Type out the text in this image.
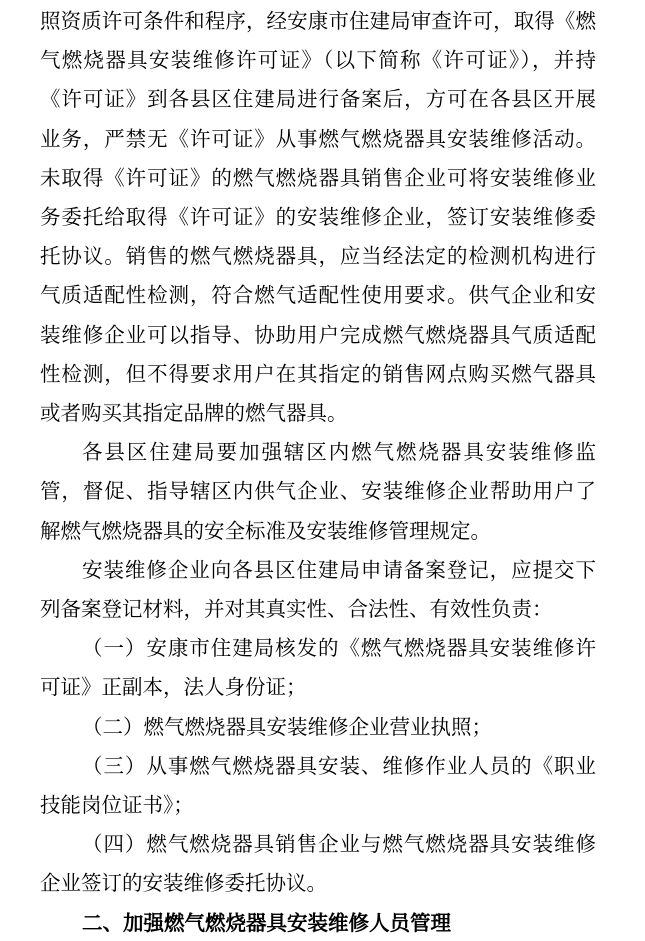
照资质许可条件和程序，经安康市住建局审查许可，取得《燃
气燃烧器具安装维修许可证》（以下简称《许可证》），并持
《许可证》到各县区住建局进行备案后，方可在各县区开展
业务，严禁无《许可证》从事燃气燃烧器具安装维修活动。
未取得《许可证》的燃气燃烧器具销售企业可将安装维修业
务委托给取得《许可证》的安装维修企业，签订安装维修委
托协议。销售的燃气燃烧器具，应当经法定的检测机构进行
气质适配性检测，符合燃气适配性使用要求。供气企业和安
装维修企业可以指导、协助用户完成燃气燃烧器具气质适配
性检测，但不得要求用户在其指定的销售网点购买燃气器具
或者购买其指定品牌的燃气器具。
各县区住建局要加强辖区内燃气燃烧器具安装维修监
管，督促、指导辖区内供气企业、安装维修企业帮助用户了
解燃气燃烧器具的安全标准及安装维修管理规定。
安装维修企业向各县区住建局申请备案登记，应提交下
列备案登记材料，并对其真实性、合法性、有效性负责：
（一）安康市住建局核发的《燃气燃烧器具安装维修许
可证》正副本，法人身份证；
（二）燃气燃烧器具安装维修企业营业执照；
（三）从事燃气燃烧器具安装、维修作业人员的《职业
技能岗位证书》；
（四）燃气燃烧器具销售企业与燃气燃烧器具安装维修
企业签订的安装维修委托协议。
二、加强燃气燃烧器具安装维修人员管理
